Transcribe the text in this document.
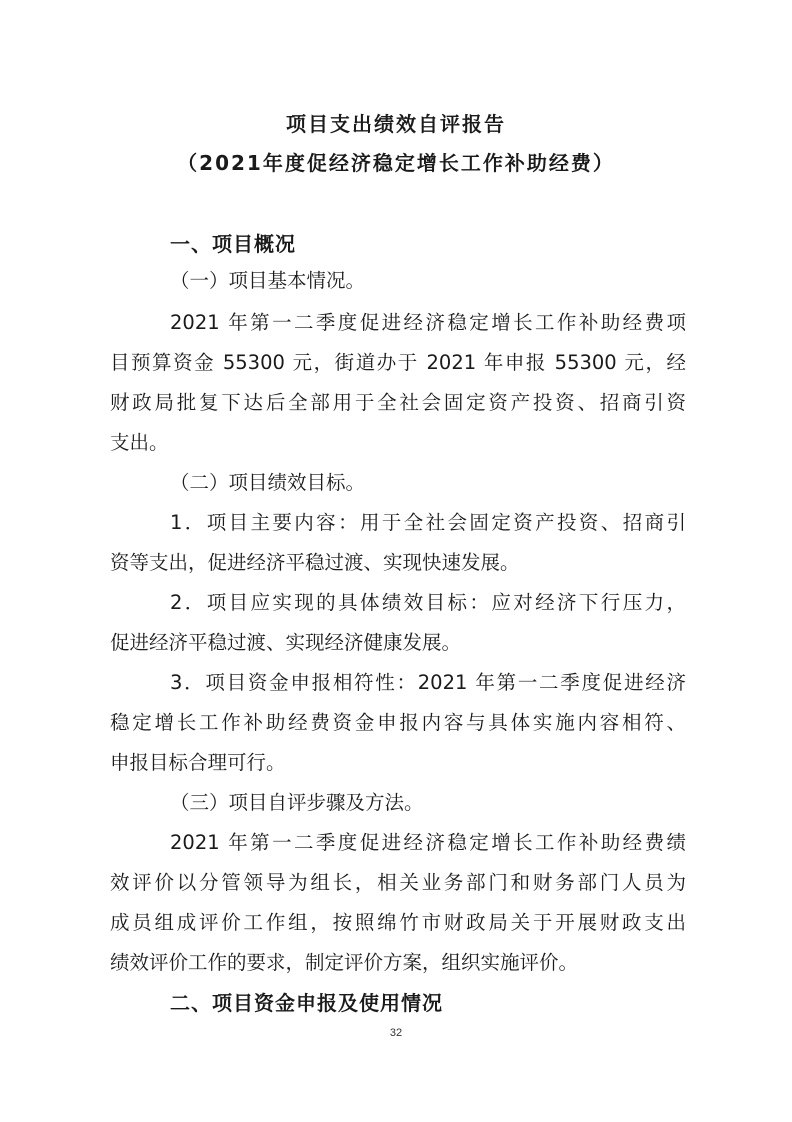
项目支出绩效自评报告
（2021年度促经济稳定增长工作补助经费）
一、项目概况
（一）项目基本情况。
2021 年第一二季度促进经济稳定增长工作补助经费项
目预算资金 55300 元，街道办于 2021 年申报 55300 元，经
财政局批复下达后全部用于全社会固定资产投资、招商引资
支出。
（二）项目绩效目标。
1．项目主要内容：用于全社会固定资产投资、招商引
资等支出，促进经济平稳过渡、实现快速发展。
2．项目应实现的具体绩效目标：应对经济下行压力，
促进经济平稳过渡、实现经济健康发展。
3．项目资金申报相符性：2021 年第一二季度促进经济
稳定增长工作补助经费资金申报内容与具体实施内容相符、
申报目标合理可行。
（三）项目自评步骤及方法。
2021 年第一二季度促进经济稳定增长工作补助经费绩
效评价以分管领导为组长，相关业务部门和财务部门人员为
成员组成评价工作组，按照绵竹市财政局关于开展财政支出
绩效评价工作的要求，制定评价方案，组织实施评价。
二、项目资金申报及使用情况
32
